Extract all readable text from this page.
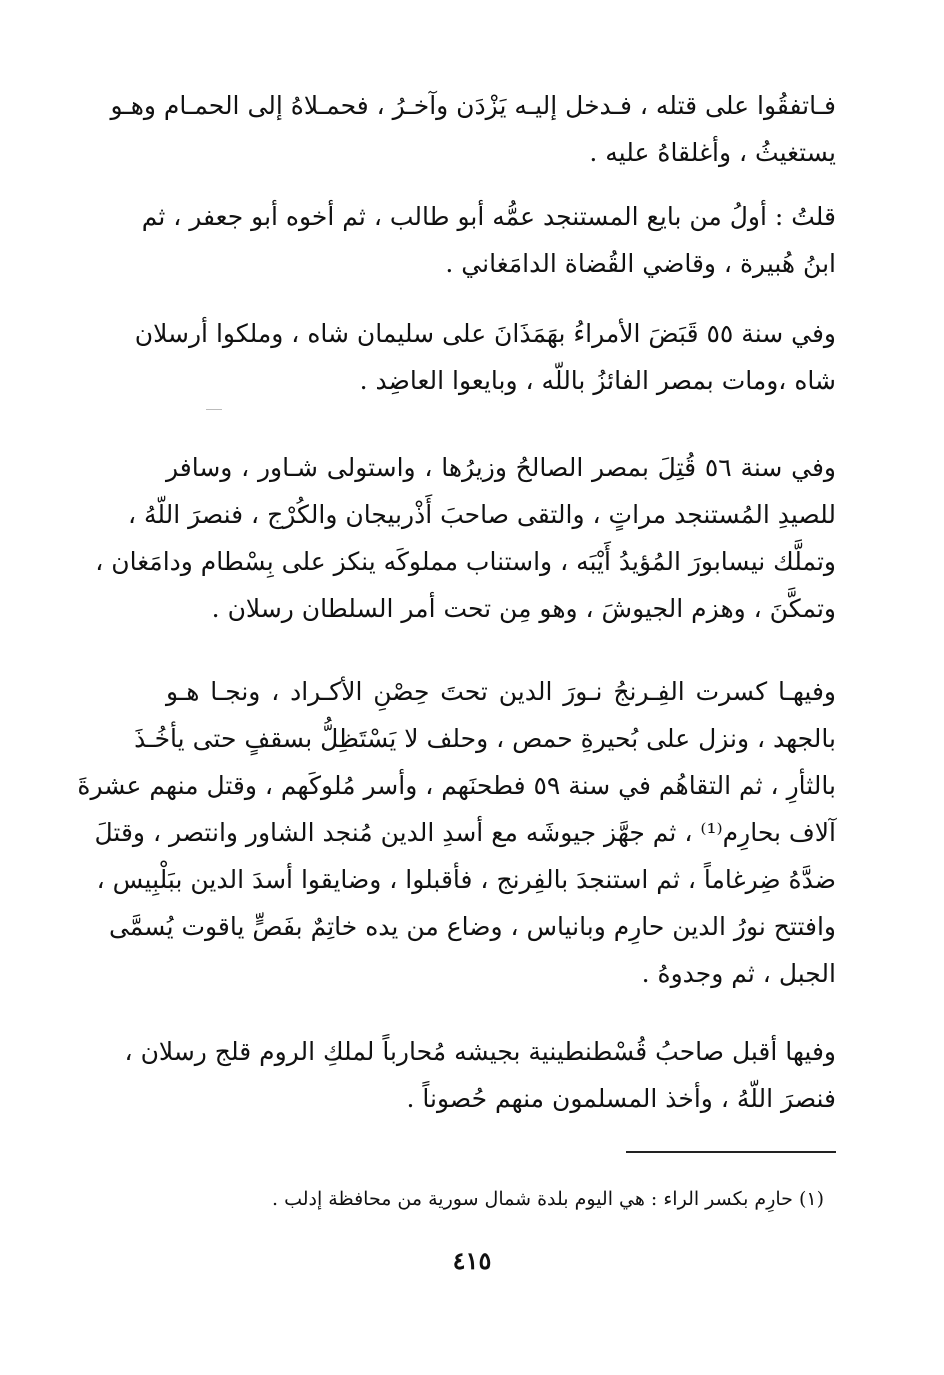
فـاتفقُوا على قتله ، فـدخل إليـه يَزْدَن وآخـرُ ، فحمـلاهُ إلى الحمـام وهـو
يستغيثُ ، وأغلقاهُ عليه .
قلتُ : أولُ من بايع المستنجد عمُّه أبو طالب ، ثم أخوه أبو جعفر ، ثم
ابنُ هُبيرة ، وقاضي القُضاة الدامَغاني .
وفي سنة ٥٥ قَبَضَ الأمراءُ بهَمَذَانَ على سليمان شاه ، وملكوا أرسلان
شاه ،ومات بمصر الفائزُ باللّه ، وبايعوا العاضِد .
وفي سنة ٥٦ قُتِلَ بمصر الصالحُ وزيرُها ، واستولى شـاور ، وسافر
للصيدِ المُستنجد مراتٍ ، والتقى صاحبَ أَذْربيجان والكُرْج ، فنصرَ اللّهُ ،
وتملَّك نيسابورَ المُؤيدُ أَيْبَه ، واستناب مملوكَه ينكز على بِسْطام ودامَغان ،
وتمكَّنَ ، وهزم الجيوشَ ، وهو مِن تحت أمر السلطان رسلان .
وفيهـا كسرت الفِـرنجُ نـورَ الدين تحتَ حِصْنِ الأكـراد ، ونجـا هـو
بالجهد ، ونزل على بُحيرةِ حمص ، وحلف لا يَسْتَظِلُّ بسقفٍ حتى يأخُـذَ
بالثأرِ ، ثم التقاهُم في سنة ٥٩ فطحنَهم ، وأسر مُلوكَهم ، وقتل منهم عشرةَ
آلاف بحارِم⁽¹⁾ ، ثم جهَّز جيوشَه مع أسدِ الدين مُنجد الشاور وانتصر ، وقتلَ
ضدَّهُ ضِرغاماً ، ثم استنجدَ بالفِرنج ، فأقبلوا ، وضايقوا أسدَ الدين ببَلْبِيس ،
وافتتح نورُ الدين حارِم وبانياس ، وضاع من يده خاتِمٌ بفَصٍّ ياقوت يُسمَّى
الجبل ، ثم وجدوهُ .
وفيها أقبل صاحبُ قُسْطنطينية بجيشه مُحارباً لملكِ الروم قلج رسلان ،
فنصرَ اللّهُ ، وأخذ المسلمون منهم حُصوناً .
(١) حارِم بكسر الراء : هي اليوم بلدة شمال سورية من محافظة إدلب .
٤١٥
